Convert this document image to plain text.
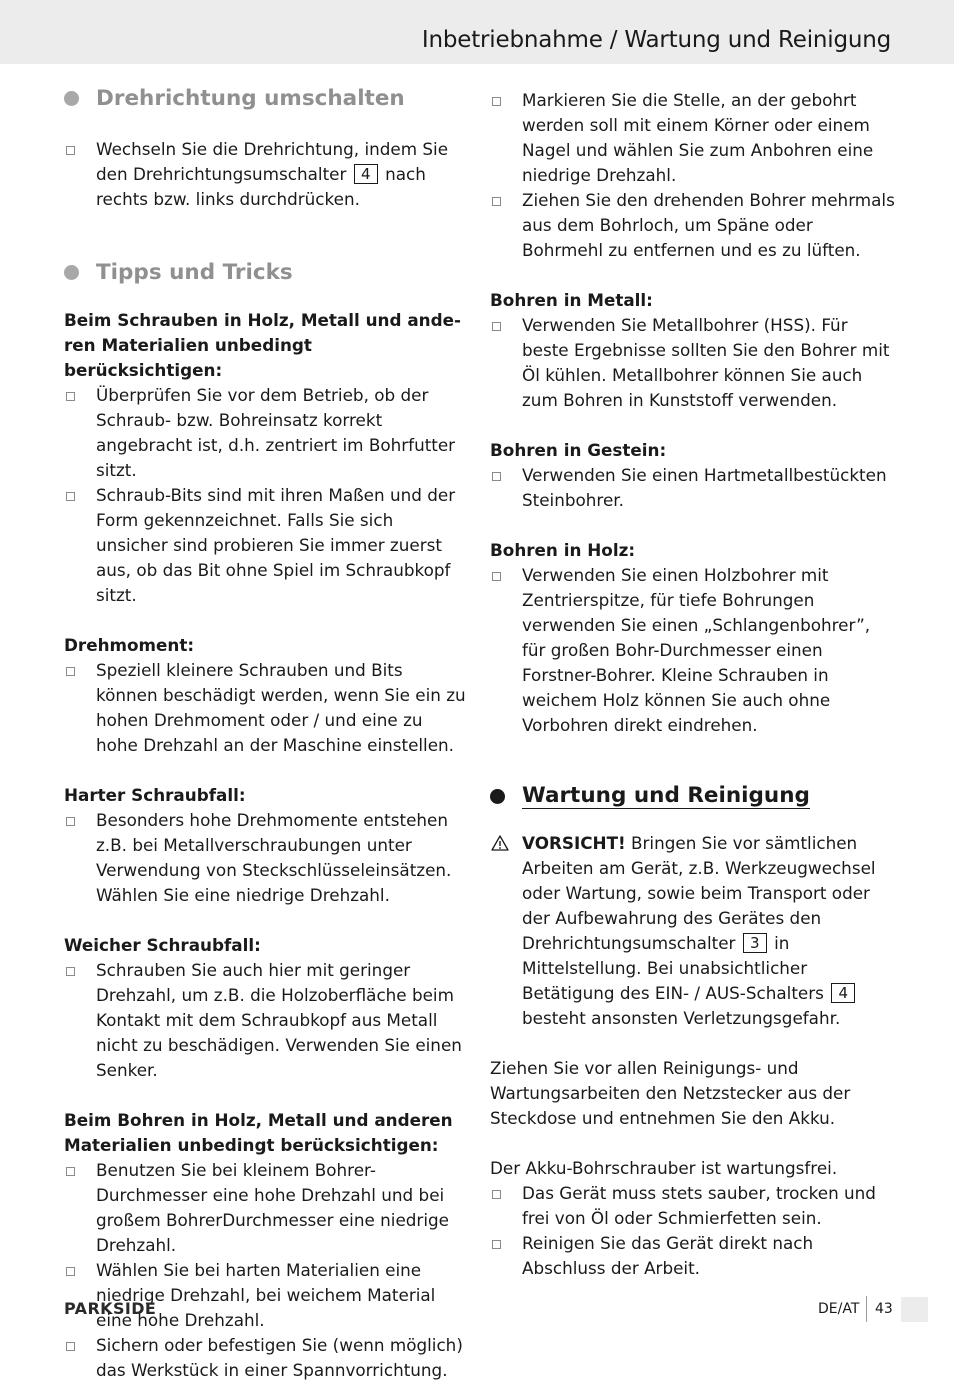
Inbetriebnahme / Wartung und Reinigung
Drehrichtung umschalten
Wechseln Sie die Drehrichtung, indem Sie den Drehrichtungsumschalter 4 nach rechts bzw. links durchdrücken.
Tipps und Tricks

Beim Schrauben in Holz, Metall und anderen Materialien unbedingt berücksichtigen:

Überprüfen Sie vor dem Betrieb, ob der Schraub- bzw. Bohreinsatz korrekt angebracht ist, d.h. zentriert im Bohrfutter sitzt.
Schraub-Bits sind mit ihren Maßen und der Form gekennzeichnet. Falls Sie sich unsicher sind probieren Sie immer zuerst aus, ob das Bit ohne Spiel im Schraubkopf sitzt.

Drehmoment:

Speziell kleinere Schrauben und Bits können beschädigt werden, wenn Sie ein zu hohen Drehmoment oder / und eine zu hohe Drehzahl an der Maschine einstellen.

Harter Schraubfall:

Besonders hohe Drehmomente entstehen z.B. bei Metallverschraubungen unter Verwendung von Steckschlüsseleinsätzen. Wählen Sie eine niedrige Drehzahl.

Weicher Schraubfall:

Schrauben Sie auch hier mit geringer Drehzahl, um z.B. die Holzoberfläche beim Kontakt mit dem Schraubkopf aus Metall nicht zu beschädigen. Verwenden Sie einen Senker.

Beim Bohren in Holz, Metall und anderen Materialien unbedingt berücksichtigen:

Benutzen Sie bei kleinem Bohrer-Durchmesser eine hohe Drehzahl und bei großem BohrerDurchmesser eine niedrige Drehzahl.
Wählen Sie bei harten Materialien eine niedrige Drehzahl, bei weichem Material eine hohe Drehzahl.
Sichern oder befestigen Sie (wenn möglich) das Werkstück in einer Spannvorrichtung.
Markieren Sie die Stelle, an der gebohrt werden soll mit einem Körner oder einem Nagel und wählen Sie zum Anbohren eine niedrige Drehzahl.
Ziehen Sie den drehenden Bohrer mehrmals aus dem Bohrloch, um Späne oder Bohrmehl zu entfernen und es zu lüften.

Bohren in Metall:

Verwenden Sie Metallbohrer (HSS). Für beste Ergebnisse sollten Sie den Bohrer mit Öl kühlen. Metallbohrer können Sie auch zum Bohren in Kunststoff verwenden.

Bohren in Gestein:

Verwenden Sie einen Hartmetallbestückten Steinbohrer.

Bohren in Holz:

Verwenden Sie einen Holzbohrer mit Zentrierspitze, für tiefe Bohrungen verwenden Sie einen „Schlangenbohrer”, für großen Bohr-Durchmesser einen Forstner-Bohrer. Kleine Schrauben in weichem Holz können Sie auch ohne Vorbohren direkt eindrehen.
Wartung und Reinigung
VORSICHT! Bringen Sie vor sämtlichen Arbeiten am Gerät, z.B. Werkzeugwechsel oder Wartung, sowie beim Transport oder der Aufbewahrung des Gerätes den Drehrichtungsumschalter 3 in Mittelstellung. Bei unabsichtlicher Betätigung des EIN- / AUS-Schalters 4 besteht ansonsten Verletzungsgefahr.

Ziehen Sie vor allen Reinigungs- und Wartungsarbeiten den Netzstecker aus der Steckdose und entnehmen Sie den Akku.

Der Akku-Bohrschrauber ist wartungsfrei.

Das Gerät muss stets sauber, trocken und frei von Öl oder Schmierfetten sein.
Reinigen Sie das Gerät direkt nach Abschluss der Arbeit.
PARKSIDE	DE/AT 43
